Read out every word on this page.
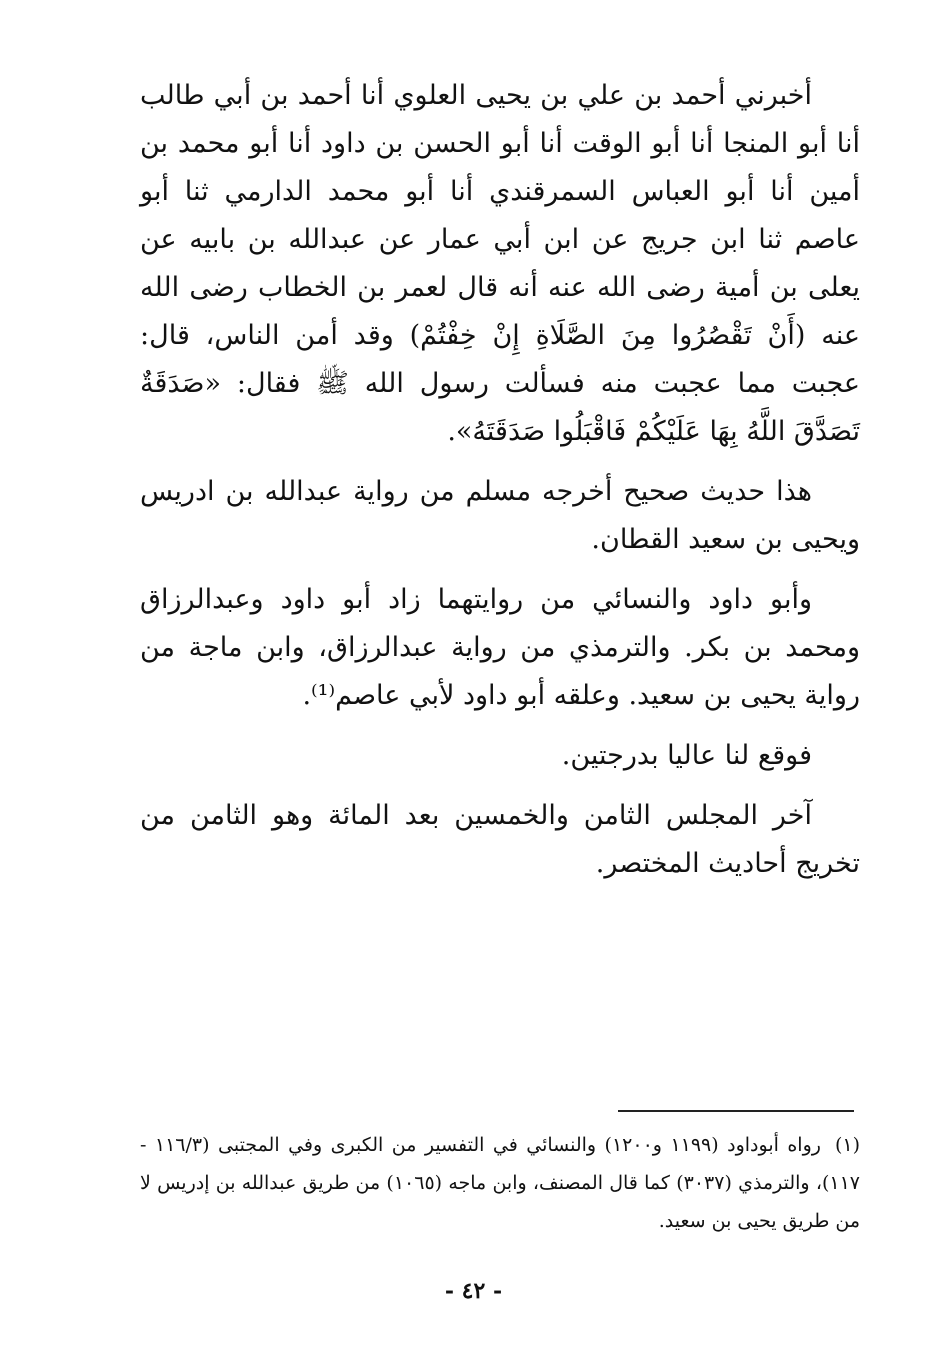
أخبرني أحمد بن علي بن يحيى العلوي أنا أحمد بن أبي طالب أنا أبو المنجا أنا أبو الوقت أنا أبو الحسن بن داود أنا أبو محمد بن أمين أنا أبو العباس السمرقندي أنا أبو محمد الدارمي ثنا أبو عاصم ثنا ابن جريج عن ابن أبي عمار عن عبدالله بن بابيه عن يعلى بن أمية رضى الله عنه أنه قال لعمر بن الخطاب رضى الله عنه (أَنْ تَقْصُرُوا مِنَ الصَّلَاةِ إِنْ خِفْتُمْ) وقد أمن الناس، قال: عجبت مما عجبت منه فسألت رسول الله ﷺ فقال: «صَدَقَةٌ تَصَدَّقَ اللَّهُ بِهَا عَلَيْكُمْ فَاقْبَلُوا صَدَقَتَهُ».

هذا حديث صحيح أخرجه مسلم من رواية عبدالله بن ادريس ويحيى بن سعيد القطان.

وأبو داود والنسائي من روايتهما زاد أبو داود وعبدالرزاق ومحمد بن بكر. والترمذي من رواية عبدالرزاق، وابن ماجة من رواية يحيى بن سعيد. وعلقه أبو داود لأبي عاصم⁽¹⁾.

فوقع لنا عاليا بدرجتين.

آخر المجلس الثامن والخمسين بعد المائة وهو الثامن من تخريج أحاديث المختصر.

(١)رواه أبوداود (١١٩٩ و١٢٠٠) والنسائي في التفسير من الكبرى وفي المجتبى (١١٦/٣ - ١١٧)، والترمذي (٣٠٣٧) كما قال المصنف، وابن ماجه (١٠٦٥) من طريق عبدالله بن إدريس لا من طريق يحيى بن سعيد.

- ٤٢ -
